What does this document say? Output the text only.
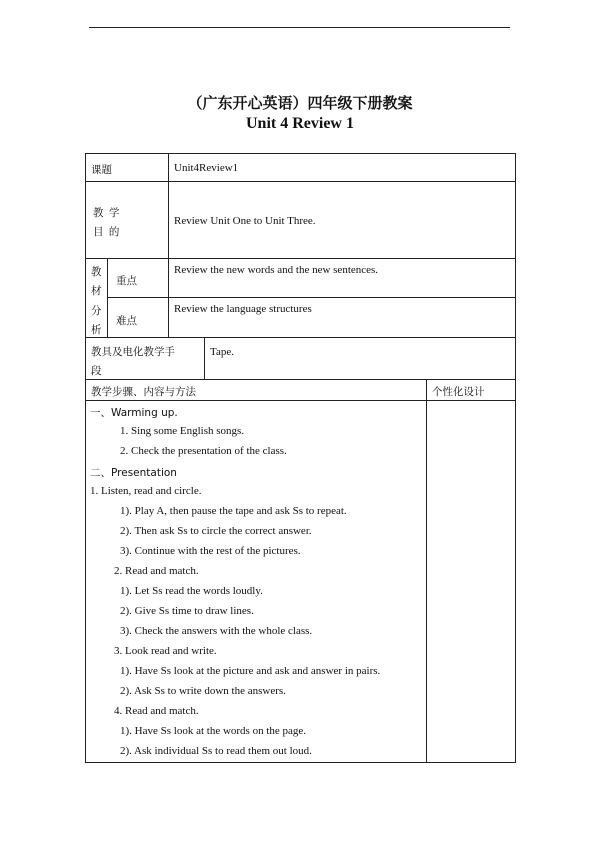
（广东开心英语）四年级下册教案
Unit 4 Review 1
课题	Unit4Review1
教 学
目 的
Review Unit One to Unit Three.
教
材
分
析
重点
Review the new words and the new sentences.
难点
Review the language structures
教具及电化教学手
段
Tape.
教学步骤、内容与方法	个性化设计
一、Warming up.
1. Sing some English songs.
2. Check the presentation of the class.
二、Presentation
1. Listen, read and circle.
1). Play A, then pause the tape and ask Ss to repeat.
2). Then ask Ss to circle the correct answer.
3). Continue with the rest of the pictures.
2. Read and match.
1). Let Ss read the words loudly.
2). Give Ss time to draw lines.
3). Check the answers with the whole class.
3. Look read and write.
1). Have Ss look at the picture and ask and answer in pairs.
2). Ask Ss to write down the answers.
4. Read and match.
1). Have Ss look at the words on the page.
2). Ask individual Ss to read them out loud.
